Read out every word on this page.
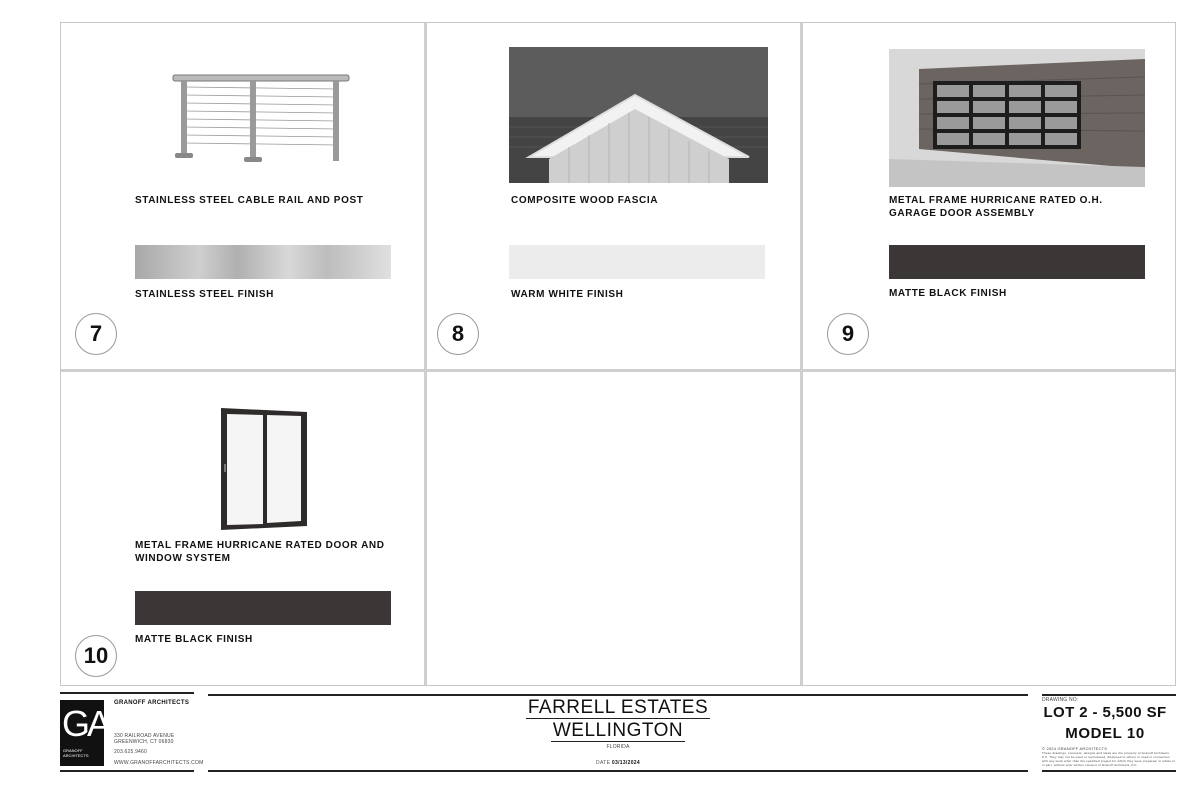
STAINLESS STEEL CABLE RAIL AND POST
STAINLESS STEEL FINISH
7
COMPOSITE WOOD FASCIA
WARM WHITE FINISH
8
METAL FRAME HURRICANE RATED O.H. GARAGE DOOR ASSEMBLY
MATTE BLACK FINISH
9
METAL FRAME HURRICANE RATED DOOR AND WINDOW SYSTEM
MATTE BLACK FINISH
10
GA
GRANOFF ARCHITECTS
GRANOFF ARCHITECTS
330 RAILROAD AVENUE
GREENWICH, CT 06830
203.625.9460
WWW.GRANOFFARCHITECTS.COM
FARRELL ESTATES
WELLINGTON
FLORIDA
DATE 03/13/2024
DRAWING NO:
LOT 2 - 5,500 SF
MODEL 10
© 2024 GRANOFF ARCHITECTS
These drawings, concepts, designs and ideas are the property of Granoff Architects P.C. They may not be used or reproduced, disclosed to others or used in connection with any work other than the specified project for which they were prepared, in whole or in part, without prior written consent of Granoff Architects, P.C.
